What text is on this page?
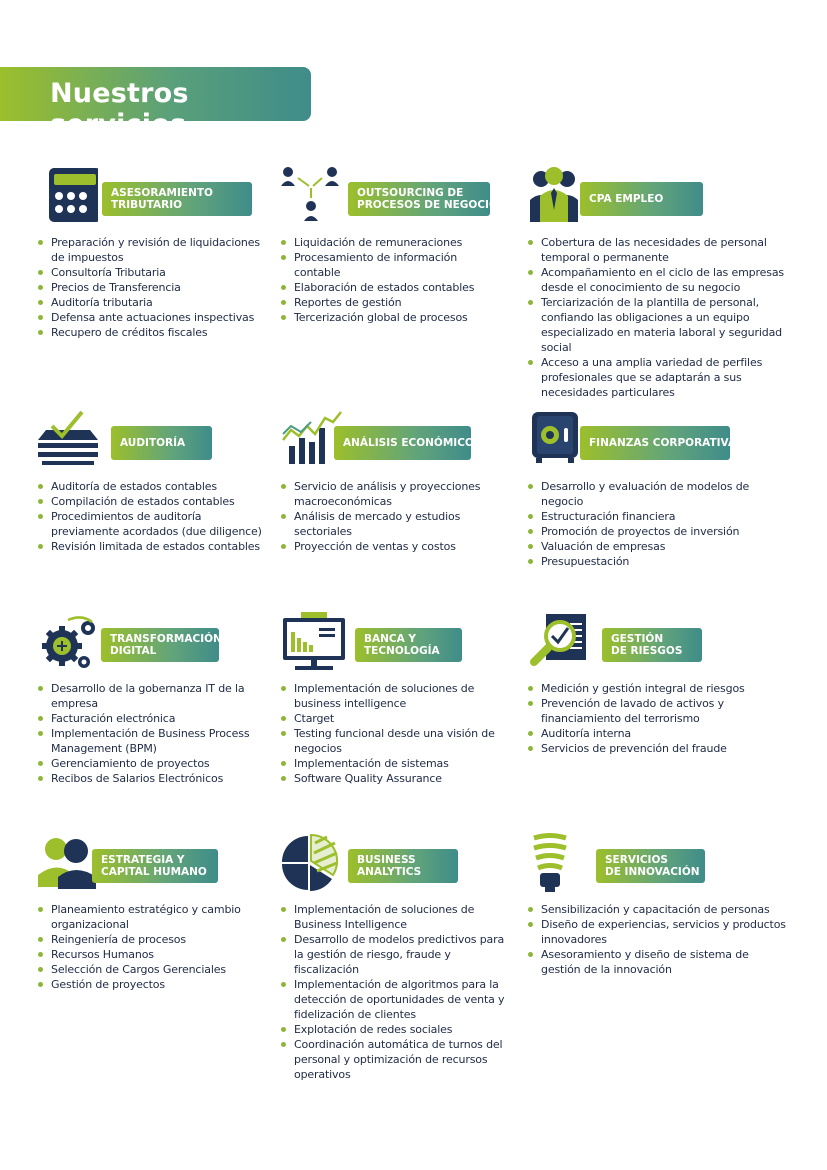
Nuestros servicios
ASESORAMIENTO
TRIBUTARIO
Preparación y revisión de liquidaciones de impuestos
Consultoría Tributaria
Precios de Transferencia
Auditoría tributaria
Defensa ante actuaciones inspectivas
Recupero de créditos fiscales
OUTSOURCING DE
PROCESOS DE NEGOCIOS
Liquidación de remuneraciones
Procesamiento de información contable
Elaboración de estados contables
Reportes de gestión
Tercerización global de procesos
CPA EMPLEO
Cobertura de las necesidades de personal temporal o permanente
Acompañamiento en el ciclo de las empresas desde el conocimiento de su negocio
Terciarización de la plantilla de personal, confiando las obligaciones a un equipo especializado en materia laboral y seguridad social
Acceso a una amplia variedad de perfiles profesionales que se adaptarán a sus necesidades particulares
AUDITORÍA
Auditoría de estados contables
Compilación de estados contables
Procedimientos de auditoría previamente acordados (due diligence)
Revisión limitada de estados contables
ANÁLISIS ECONÓMICO
Servicio de análisis y proyecciones macroeconómicas
Análisis de mercado y estudios sectoriales
Proyección de ventas y costos
FINANZAS CORPORATIVAS
Desarrollo y evaluación de modelos de negocio
Estructuración financiera
Promoción de proyectos de inversión
Valuación de empresas
Presupuestación
TRANSFORMACIÓN
DIGITAL
Desarrollo de la gobernanza IT de la empresa
Facturación electrónica
Implementación de Business Process Management (BPM)
Gerenciamiento de proyectos
Recibos de Salarios Electrónicos
BANCA Y
TECNOLOGÍA
Implementación de soluciones de business intelligence
Ctarget
Testing funcional desde una visión de negocios
Implementación de sistemas
Software Quality Assurance
GESTIÓN
DE RIESGOS
Medición y gestión integral de riesgos
Prevención de lavado de activos y financiamiento del terrorismo
Auditoría interna
Servicios de prevención del fraude
ESTRATEGIA Y
CAPITAL HUMANO
Planeamiento estratégico y cambio organizacional
Reingeniería de procesos
Recursos Humanos
Selección de Cargos Gerenciales
Gestión de proyectos
BUSINESS
ANALYTICS
Implementación de soluciones de Business Intelligence
Desarrollo de modelos predictivos para la gestión de riesgo, fraude y fiscalización
Implementación de algoritmos para la detección de oportunidades de venta y fidelización de clientes
Explotación de redes sociales
Coordinación automática de turnos del personal y optimización de recursos operativos
SERVICIOS
DE INNOVACIÓN
Sensibilización y capacitación de personas
Diseño de experiencias, servicios y productos innovadores
Asesoramiento y diseño de sistema de gestión de la innovación
